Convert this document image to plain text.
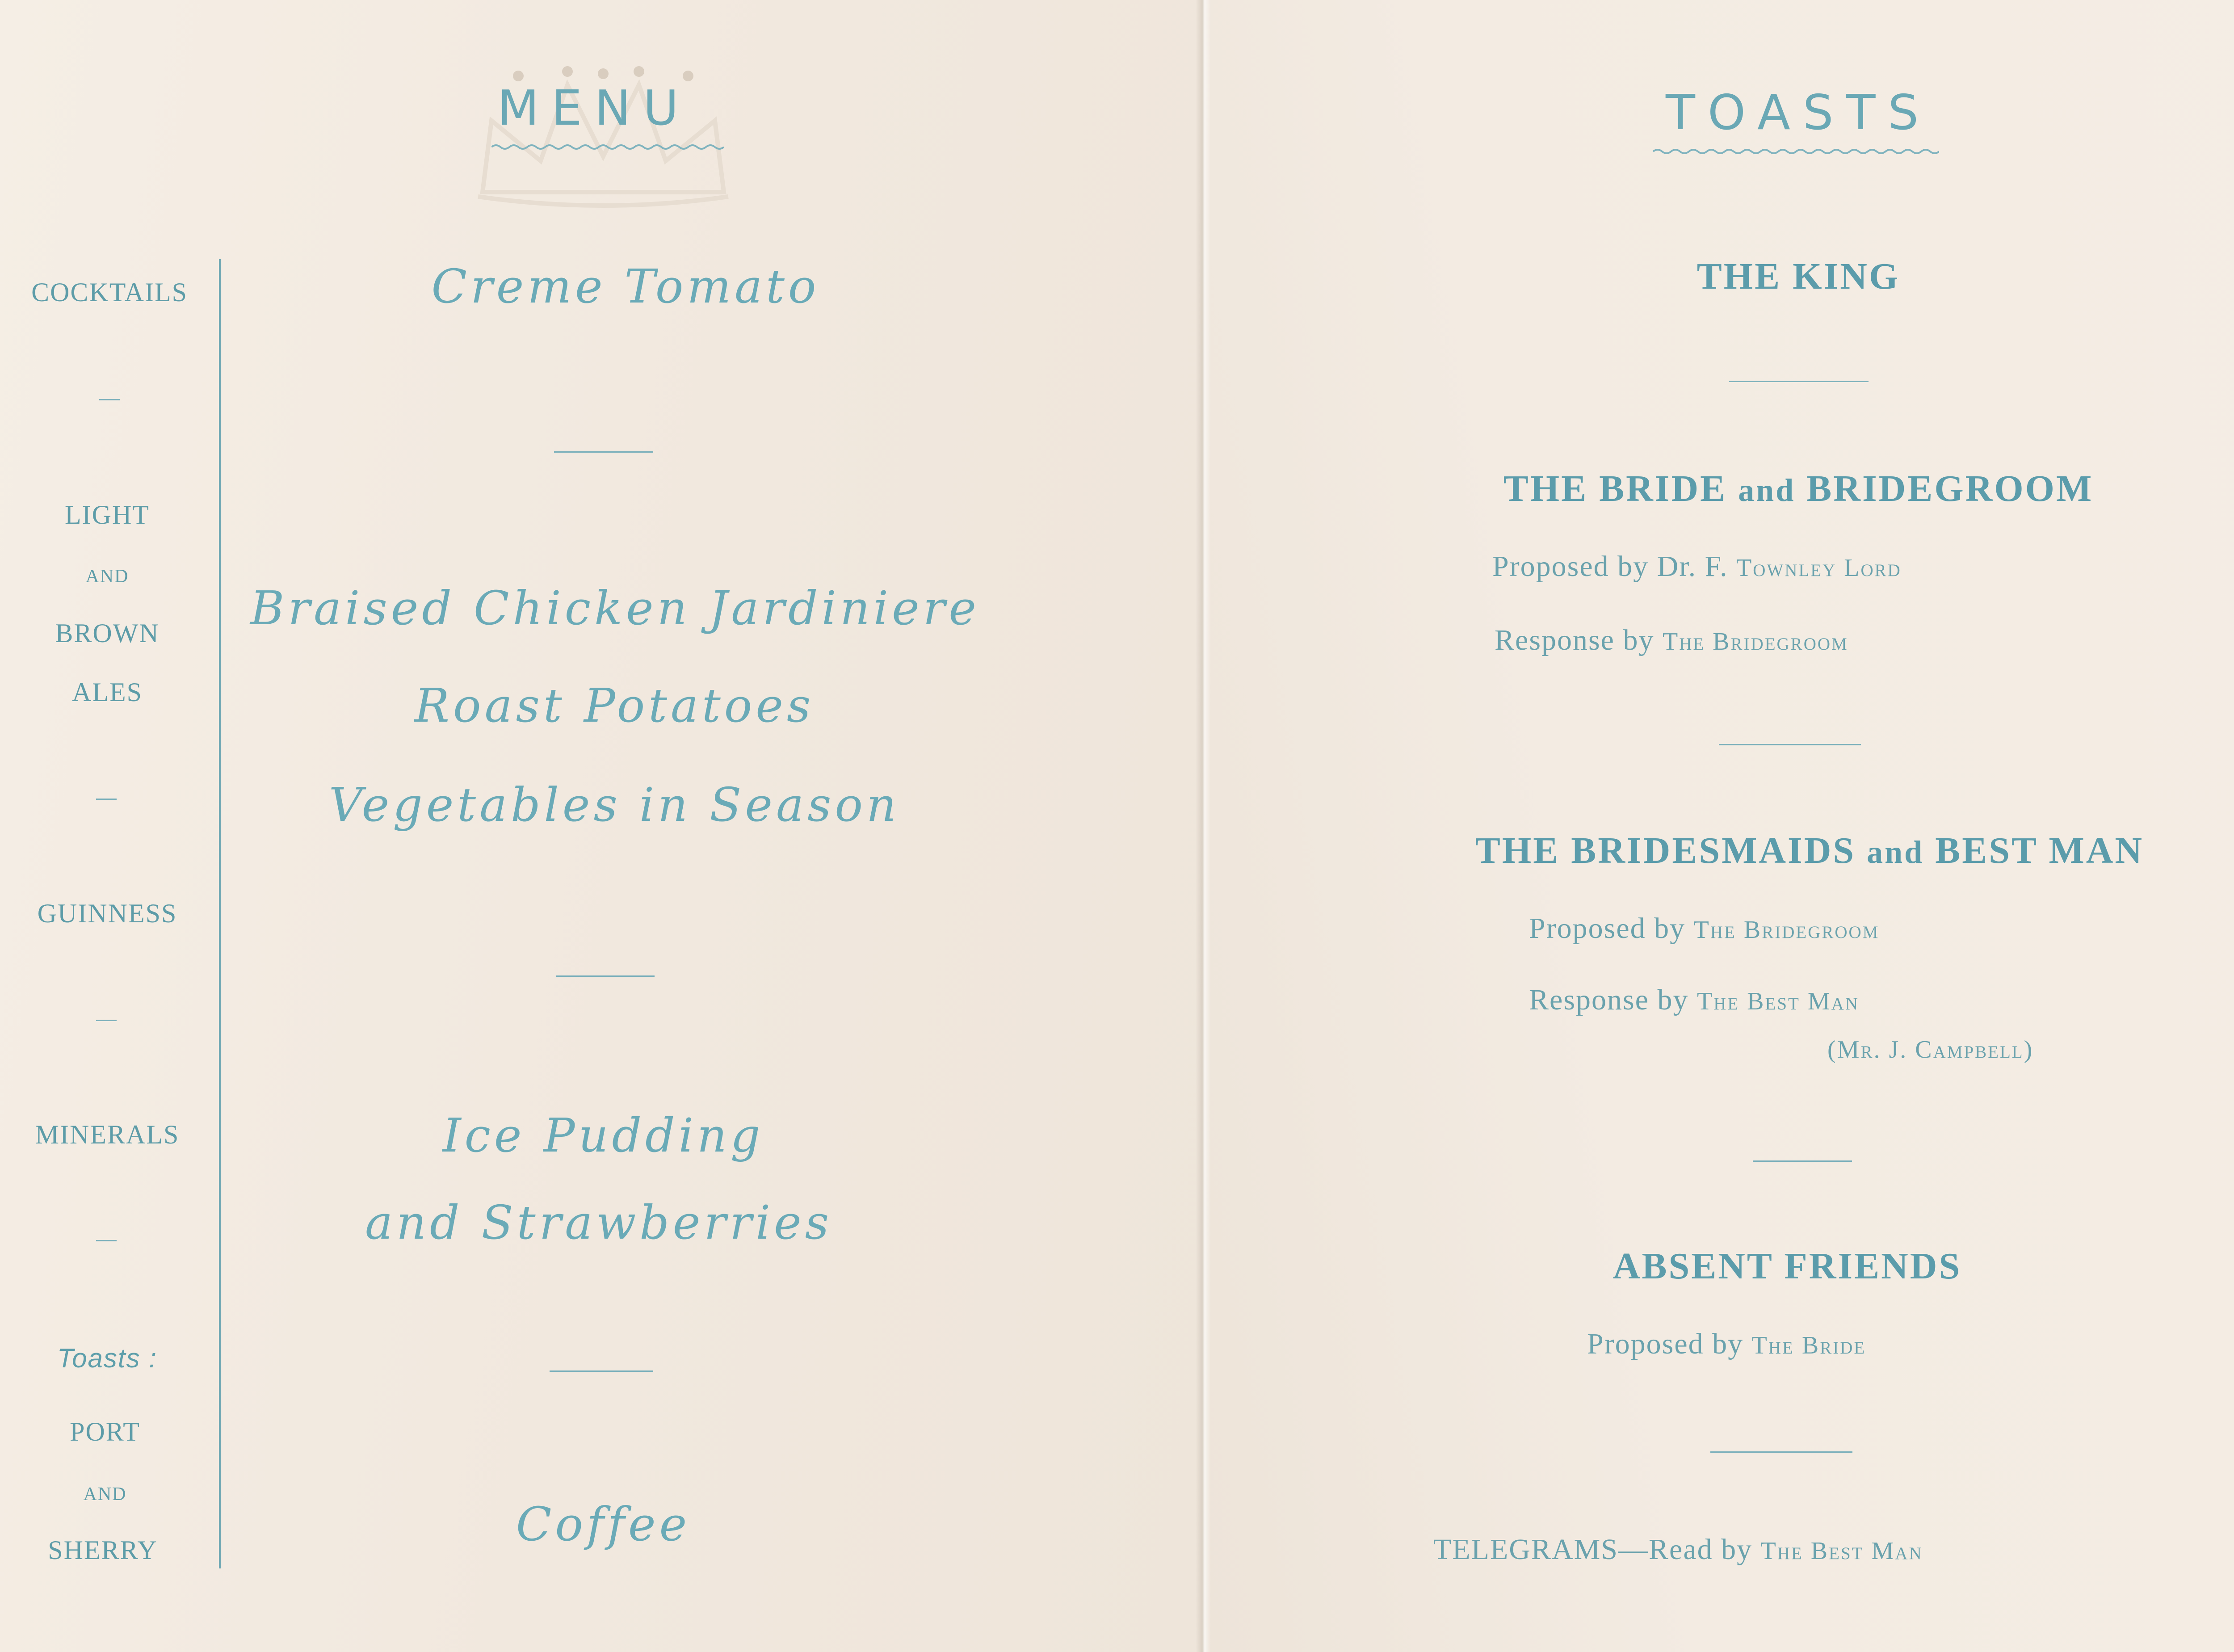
MENU
COCKTAILS
LIGHT
AND
BROWN
ALES
GUINNESS
MINERALS
Toasts :
PORT
AND
SHERRY
Creme Tomato
Braised Chicken Jardiniere
Roast Potatoes
Vegetables in Season
Ice Pudding
and Strawberries
Coffee
TOASTS
THE KING
THE BRIDE and BRIDEGROOM
Proposed by Dr. F. Townley Lord
Response by The Bridegroom
THE BRIDESMAIDS and BEST MAN
Proposed by The Bridegroom
Response by The Best Man
(Mr. J. Campbell)
ABSENT FRIENDS
Proposed by The Bride
TELEGRAMS—Read by The Best Man
